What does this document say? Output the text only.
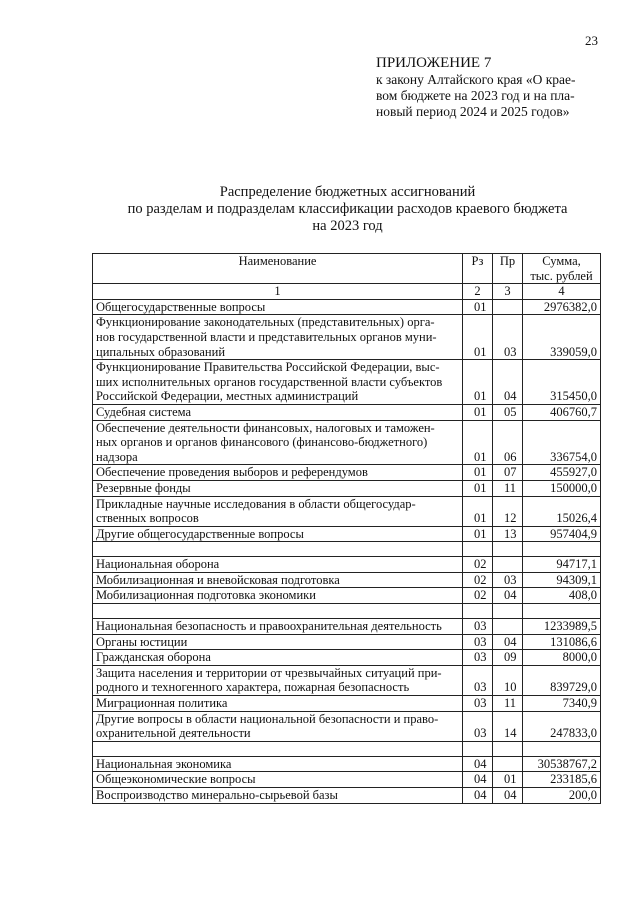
23
ПРИЛОЖЕНИЕ 7
к закону Алтайского края «О крае-
вом бюджете на 2023 год и на пла-
новый период 2024 и 2025 годов»
Распределение бюджетных ассигнований
по разделам и подразделам классификации расходов краевого бюджета
на 2023 год
Наименование	Рз	Пр	Сумма,
тыс. рублей

1	2	3	4

Общегосударственные вопросы	01		2976382,0

Функционирование законодательных (представительных) орга-
нов государственной власти и представительных органов муни-
ципальных образований	01	03	339059,0

Функционирование Правительства Российской Федерации, выс-
ших исполнительных органов государственной власти субъектов
Российской Федерации, местных администраций	01	04	315450,0

Судебная система	01	05	406760,7

Обеспечение деятельности финансовых, налоговых и таможен-
ных органов и органов финансового (финансово-бюджетного)
надзора	01	06	336754,0

Обеспечение проведения выборов и референдумов	01	07	455927,0

Резервные фонды	01	11	150000,0

Прикладные научные исследования в области общегосудар-
ственных вопросов	01	12	15026,4

Другие общегосударственные вопросы	01	13	957404,9

Национальная оборона	02		94717,1

Мобилизационная и вневойсковая подготовка	02	03	94309,1

Мобилизационная подготовка экономики	02	04	408,0

Национальная безопасность и правоохранительная деятельность	03		1233989,5

Органы юстиции	03	04	131086,6

Гражданская оборона	03	09	8000,0

Защита населения и территории от чрезвычайных ситуаций при-
родного и техногенного характера, пожарная безопасность	03	10	839729,0

Миграционная политика	03	11	7340,9

Другие вопросы в области национальной безопасности и право-
охранительной деятельности	03	14	247833,0

Национальная экономика	04		30538767,2

Общеэкономические вопросы	04	01	233185,6

Воспроизводство минерально-сырьевой базы	04	04	200,0
